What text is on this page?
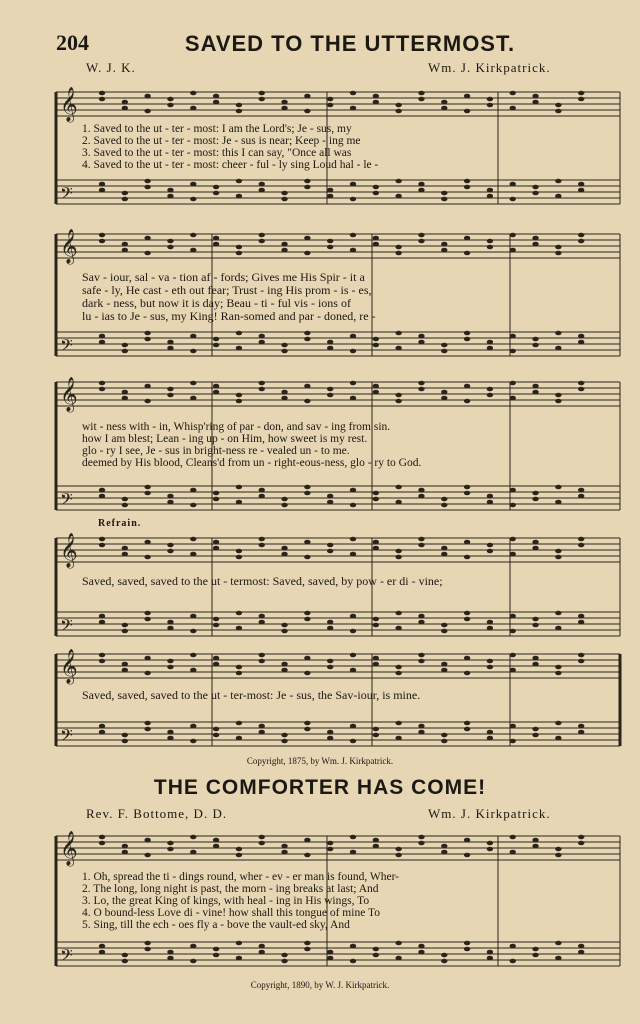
204	SAVED TO THE UTTERMOST.
W. J. K.	Wm. J. Kirkpatrick.
𝄞
𝄢
1. Saved to the ut - ter - most: I am the Lord's; Je - sus, my
2. Saved to the ut - ter - most: Je - sus is near; Keep - ing me
3. Saved to the ut - ter - most: this I can say, "Once all was
4. Saved to the ut - ter - most: cheer - ful - ly sing Loud hal - le -
𝄞
𝄢
Sav - iour, sal - va - tion af - fords; Gives me His Spir - it a
safe - ly, He cast - eth out fear; Trust - ing His prom - is - es,
dark - ness, but now it is day; Beau - ti - ful vis - ions of
lu - ias to Je - sus, my King! Ran-somed and par - doned, re -
𝄞
𝄢
wit - ness with - in, Whisp'ring of par - don, and sav - ing from sin.
how I am blest; Lean - ing up - on Him, how sweet is my rest.
glo - ry I see, Je - sus in bright-ness re - vealed un - to me.
deemed by His blood, Cleans'd from un - right-eous-ness, glo - ry to God.
Refrain.
𝄞
𝄢
Saved, saved, saved to the ut - termost: Saved, saved, by pow - er di - vine;
𝄞
𝄢
Saved, saved, saved to the ut - ter-most: Je - sus, the Sav-iour, is mine.
Copyright, 1875, by Wm. J. Kirkpatrick.
THE COMFORTER HAS COME!
Rev. F. Bottome, D. D.	Wm. J. Kirkpatrick.
𝄞
𝄢
1. Oh, spread the ti - dings round, wher - ev - er man is found, Wher-
2. The long, long night is past, the morn - ing breaks at last; And
3. Lo, the great King of kings, with heal - ing in His wings, To
4. O bound-less Love di - vine! how shall this tongue of mine To
5. Sing, till the ech - oes fly a - bove the vault-ed sky, And
Copyright, 1890, by W. J. Kirkpatrick.
